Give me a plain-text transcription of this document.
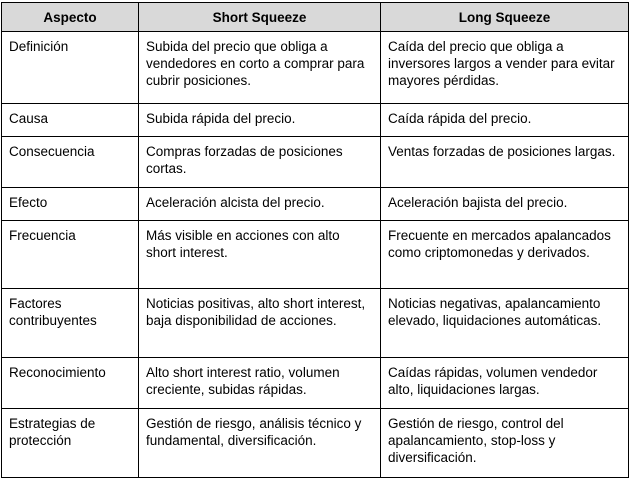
Aspecto	Short Squeeze	Long Squeeze
Definición	Subida del precio que obliga a vendedores en corto a comprar para cubrir posiciones.	Caída del precio que obliga a inversores largos a vender para evitar mayores pérdidas.
Causa	Subida rápida del precio.	Caída rápida del precio.
Consecuencia	Compras forzadas de posiciones cortas.	Ventas forzadas de posiciones largas.
Efecto	Aceleración alcista del precio.	Aceleración bajista del precio.
Frecuencia	Más visible en acciones con alto short interest.	Frecuente en mercados apalancados como criptomonedas y derivados.
Factores contribuyentes	Noticias positivas, alto short interest, baja disponibilidad de acciones.	Noticias negativas, apalancamiento elevado, liquidaciones automáticas.
Reconocimiento	Alto short interest ratio, volumen creciente, subidas rápidas.	Caídas rápidas, volumen vendedor alto, liquidaciones largas.
Estrategias de protección	Gestión de riesgo, análisis técnico y fundamental, diversificación.	Gestión de riesgo, control del apalancamiento, stop-loss y diversificación.
